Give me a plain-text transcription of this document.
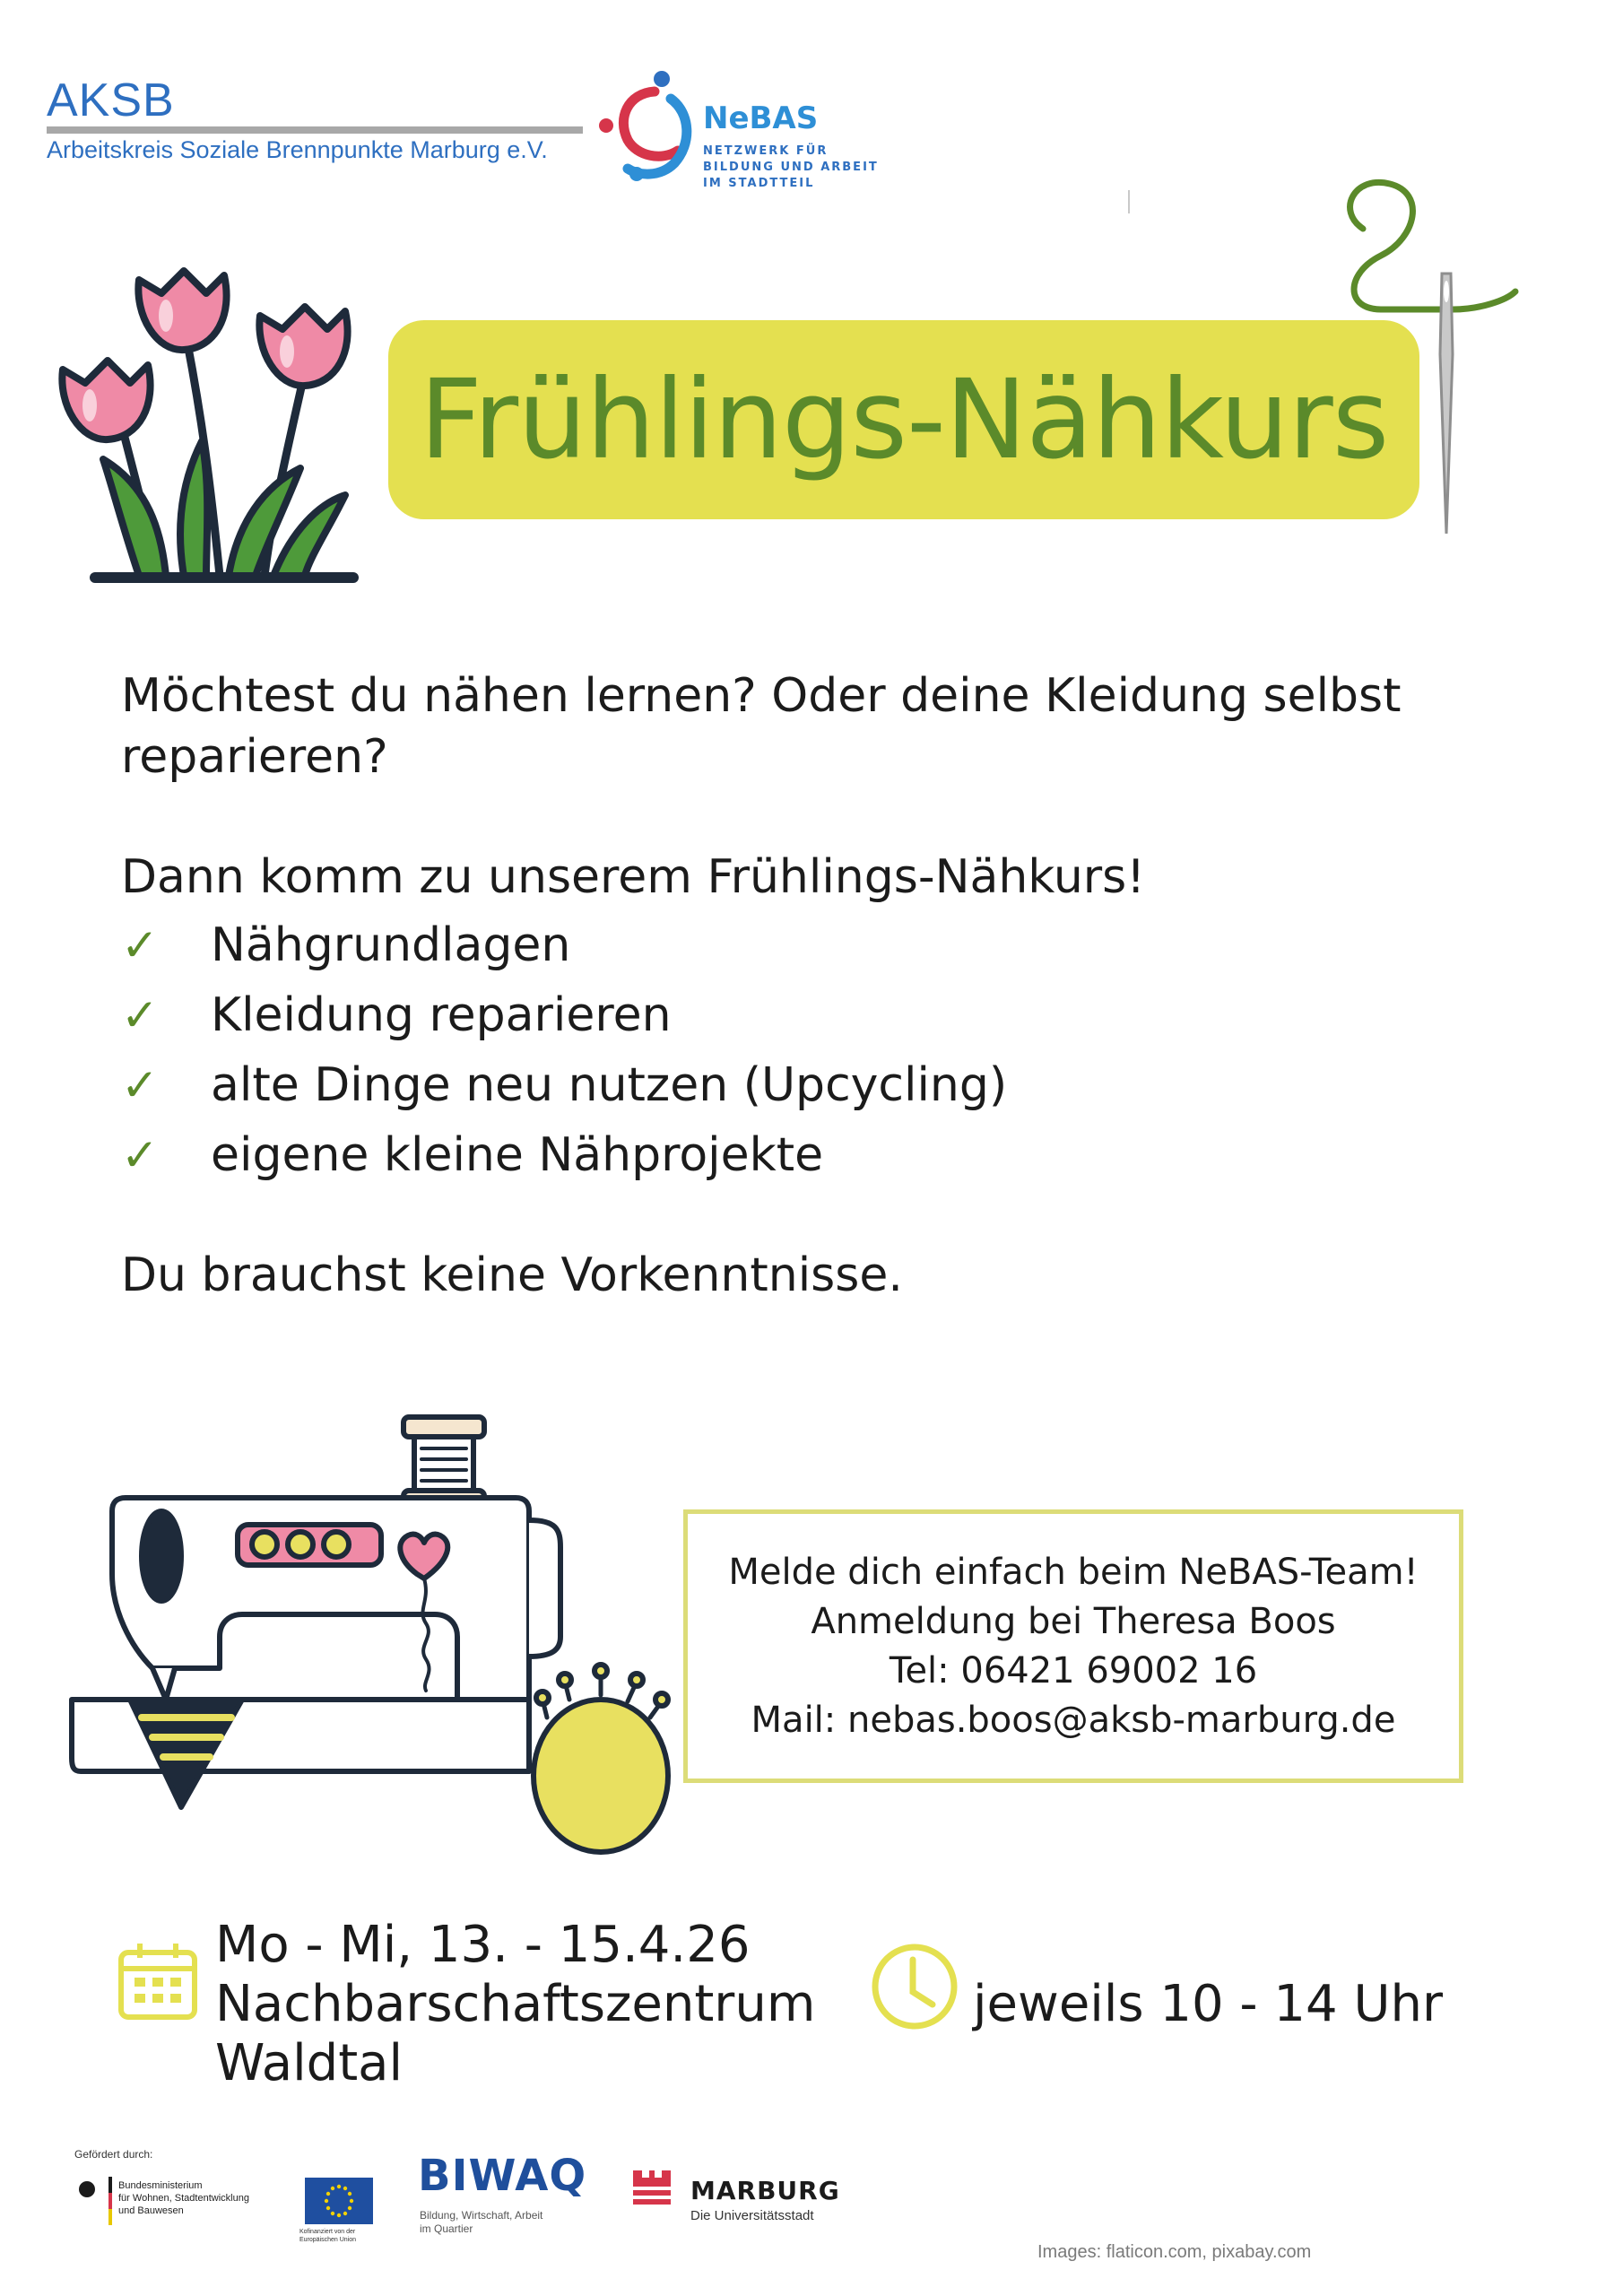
AKSB
Arbeitskreis Soziale Brennpunkte Marburg e.V.
NeBAS
NETZWERK FÜR
BILDUNG UND ARBEIT
IM STADTTEIL
Frühlings-Nähkurs
Möchtest du nähen lernen? Oder deine Kleidung selbst reparieren?
Dann komm zu unserem Frühlings-Nähkurs!
✓	Nähgrundlagen
✓	Kleidung reparieren
✓	alte Dinge neu nutzen (Upcycling)
✓	eigene kleine Nähprojekte
Du brauchst keine Vorkenntnisse.
Melde dich einfach beim NeBAS-Team!
Anmeldung bei Theresa Boos
Tel: 06421 69002 16
Mail: nebas.boos@aksb-marburg.de
Mo - Mi, 13. - 15.4.26
Nachbarschaftszentrum
Waldtal
jeweils 10 - 14 Uhr
Gefördert durch:
Bundesministerium
für Wohnen, Stadtentwicklung
und Bauwesen
Kofinanziert von der
Europäischen Union
BIWAQ
Bildung, Wirtschaft, Arbeit
im Quartier
MARBURG
Die Universitätsstadt
Images: flaticon.com, pixabay.com
